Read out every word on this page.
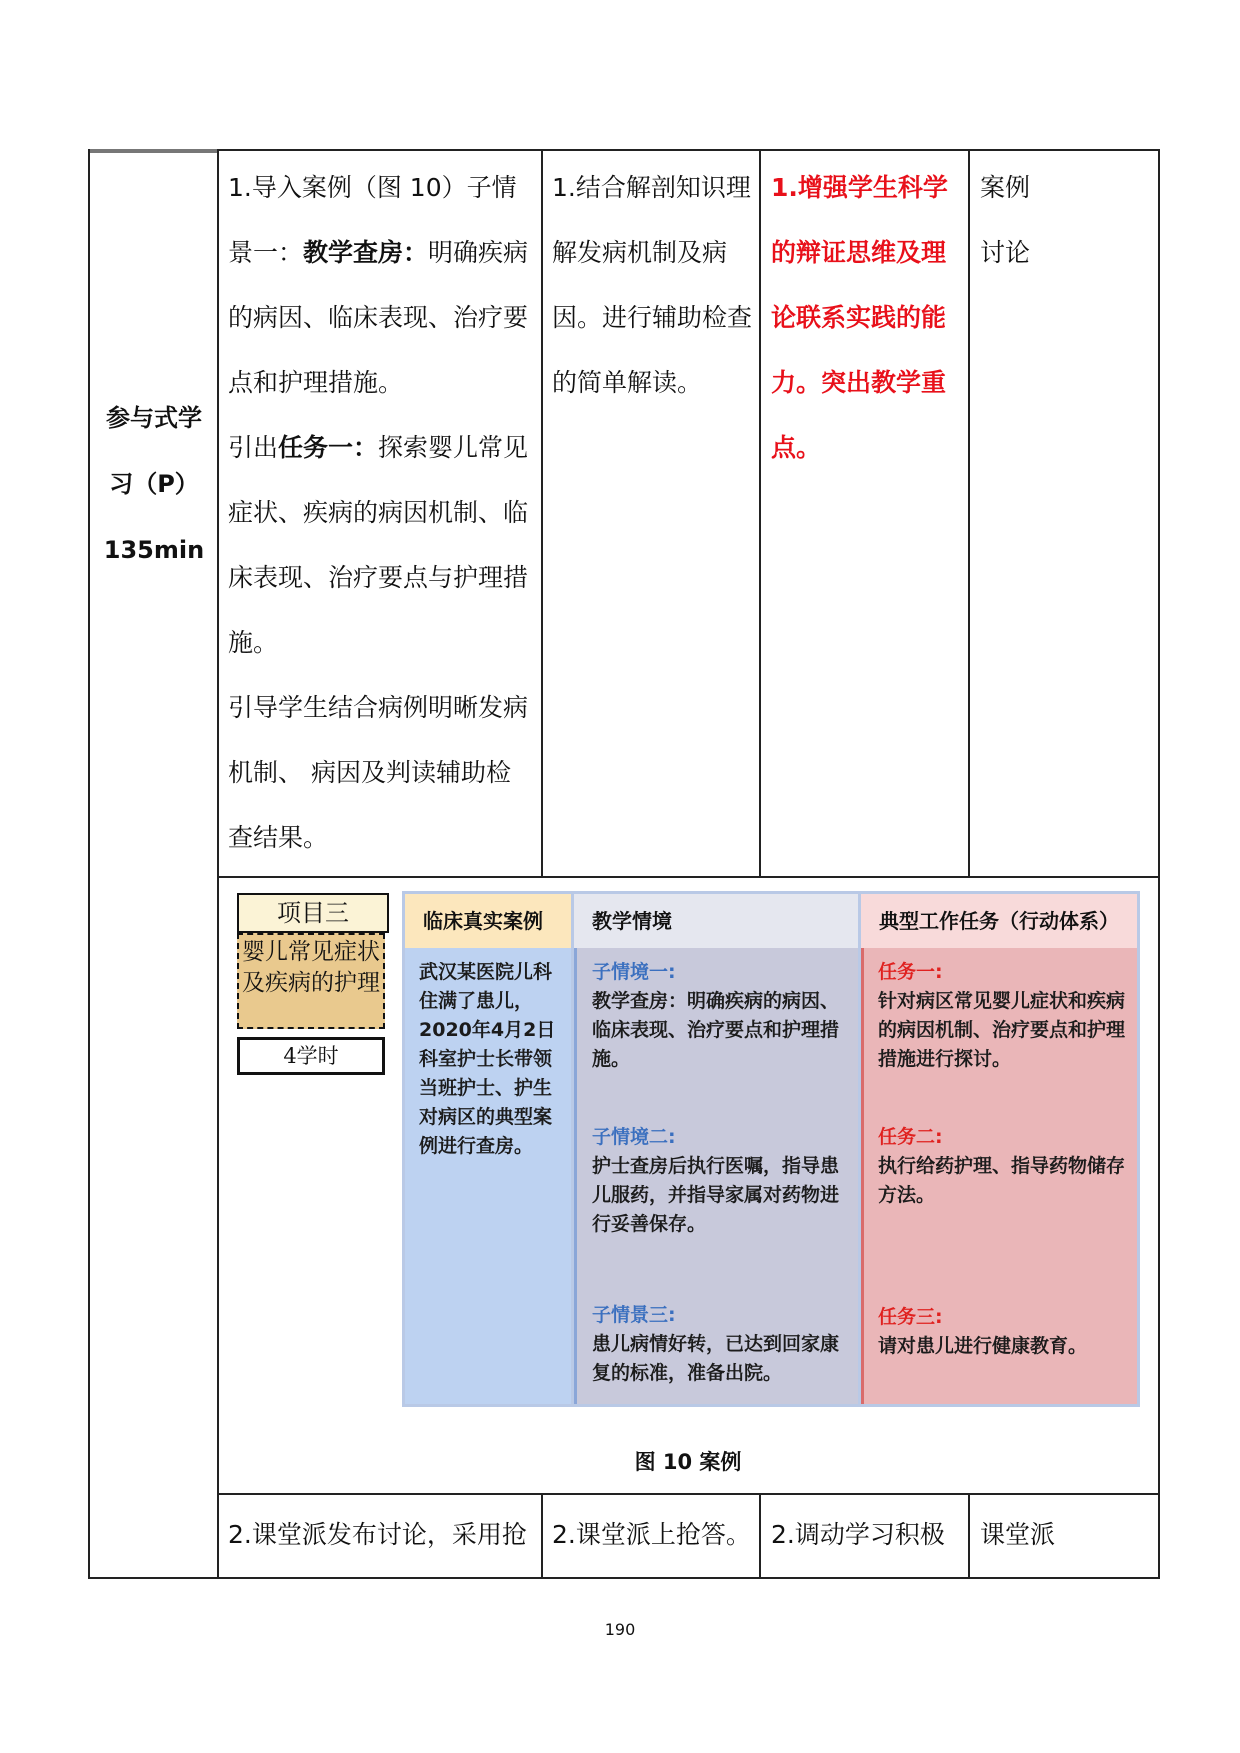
参与式学
习（P）
135min
1.导入案例（图 10）子情景一：教学查房：明确疾病的病因、临床表现、治疗要点和护理措施。
引出任务一：探索婴儿常见症状、疾病的病因机制、临床表现、治疗要点与护理措施。
引导学生结合病例明晰发病机制、 病因及判读辅助检查结果。
1.结合解剖知识理解发病机制及病因。进行辅助检查的简单解读。
1.增强学生科学的辩证思维及理论联系实践的能力。突出教学重点。
案例
讨论
项目三
婴儿常见症状及疾病的护理
4学时
临床真实案例
武汉某医院儿科住满了患儿，2020年4月2日科室护士长带领当班护士、护生对病区的典型案例进行查房。
教学情境
子情境一:
教学查房：明确疾病的病因、临床表现、治疗要点和护理措施。
子情境二:
护士查房后执行医嘱，指导患儿服药，并指导家属对药物进行妥善保存。
子情景三:
患儿病情好转，已达到回家康复的标准，准备出院。
典型工作任务（行动体系）
任务一:
针对病区常见婴儿症状和疾病的病因机制、治疗要点和护理措施进行探讨。
任务二:
执行给药护理、指导药物储存方法。
任务三:
请对患儿进行健康教育。
图 10 案例
2.课堂派发布讨论，采用抢 2.课堂派上抢答。 2.调动学习积极	课堂派
190
